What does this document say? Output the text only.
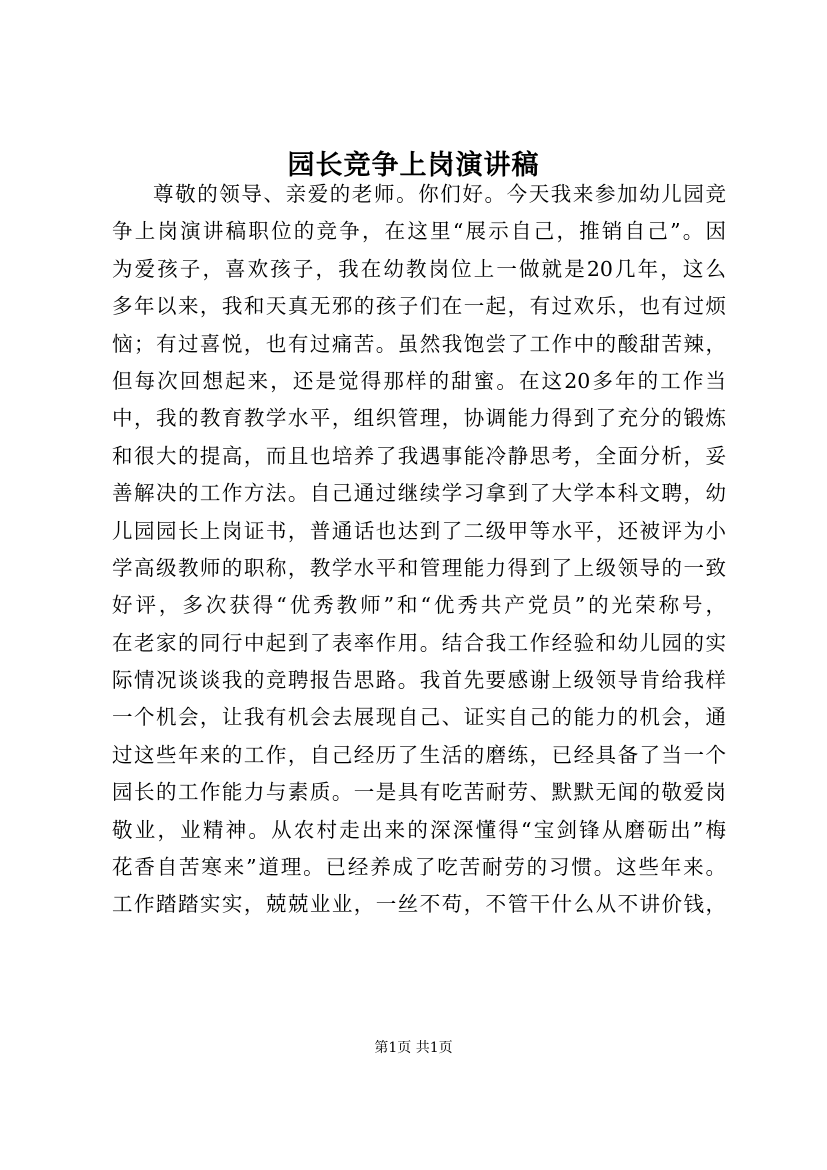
园长竞争上岗演讲稿
尊敬的领导、亲爱的老师。你们好。今天我来参加幼儿园竞
争上岗演讲稿职位的竞争，在这里“展示自己，推销自己”。因
为爱孩子，喜欢孩子，我在幼教岗位上一做就是20几年，这么
多年以来，我和天真无邪的孩子们在一起，有过欢乐，也有过烦
恼；有过喜悦，也有过痛苦。虽然我饱尝了工作中的酸甜苦辣，
但每次回想起来，还是觉得那样的甜蜜。在这20多年的工作当
中，我的教育教学水平，组织管理，协调能力得到了充分的锻炼
和很大的提高，而且也培养了我遇事能冷静思考，全面分析，妥
善解决的工作方法。自己通过继续学习拿到了大学本科文聘，幼
儿园园长上岗证书，普通话也达到了二级甲等水平，还被评为小
学高级教师的职称，教学水平和管理能力得到了上级领导的一致
好评，多次获得“优秀教师”和“优秀共产党员”的光荣称号，
在老家的同行中起到了表率作用。结合我工作经验和幼儿园的实
际情况谈谈我的竞聘报告思路。我首先要感谢上级领导肯给我样
一个机会，让我有机会去展现自己、证实自己的能力的机会，通
过这些年来的工作，自己经历了生活的磨练，已经具备了当一个
园长的工作能力与素质。一是具有吃苦耐劳、默默无闻的敬爱岗
敬业，业精神。从农村走出来的深深懂得“宝剑锋从磨砺出”梅
花香自苦寒来”道理。已经养成了吃苦耐劳的习惯。这些年来。
工作踏踏实实，兢兢业业，一丝不苟，不管干什么从不讲价钱，
第1页 共1页
